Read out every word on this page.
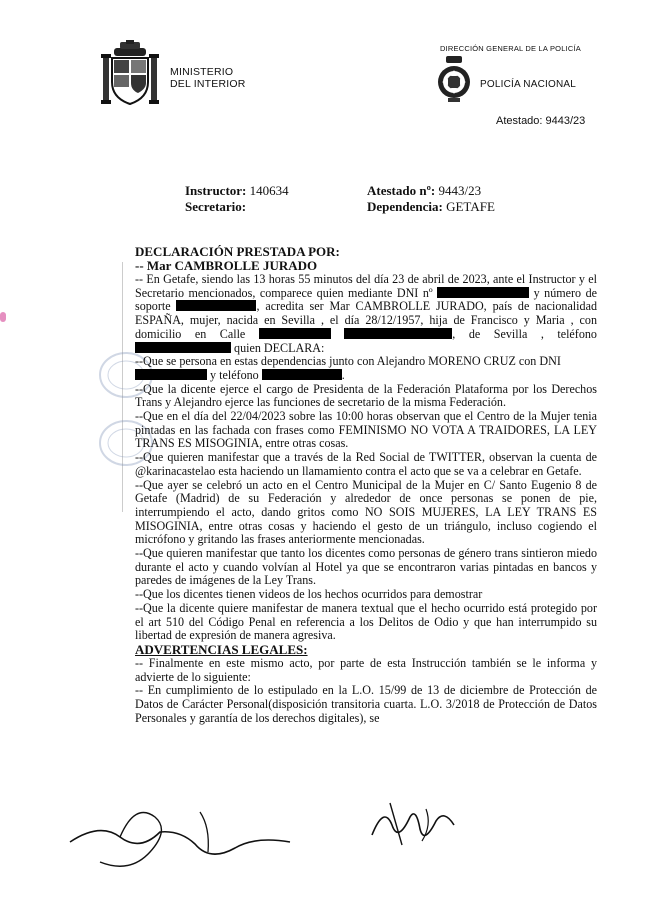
MINISTERIO
DEL INTERIOR
DIRECCIÓN GENERAL DE LA POLICÍA
POLICÍA NACIONAL
Atestado: 9443/23
Instructor: 140634
Secretario:
Atestado nº: 9443/23
Dependencia: GETAFE
DECLARACIÓN PRESTADA POR:
-- Mar CAMBROLLE JURADO

-- En Getafe, siendo las 13 horas 55 minutos del día 23 de abril de 2023, ante el Instructor y el Secretario mencionados, comparece quien mediante DNI nº	y número de soporte	, acredita ser Mar CAMBROLLE JURADO, país de nacionalidad ESPAÑA, mujer, nacida en Sevilla , el día 28/12/1957, hija de Francisco y Maria , con domicilio en Calle	, de Sevilla , teléfono  quien DECLARA:

--Que se persona en estas dependencias junto con Alejandro MORENO CRUZ con DNI  y teléfono	.

--Que la dicente ejerce el cargo de Presidenta de la Federación Plataforma por los Derechos Trans y Alejandro ejerce las funciones de secretario de la misma Federación.

--Que en el día del 22/04/2023 sobre las 10:00 horas observan que el Centro de la Mujer tenia pintadas en las fachada con frases como FEMINISMO NO VOTA A TRAIDORES, LA LEY TRANS ES MISOGINIA, entre otras cosas.

--Que quieren manifestar que a través de la Red Social de TWITTER, observan la cuenta de @karinacastelao esta haciendo un llamamiento contra el acto que se va a celebrar en Getafe.

--Que ayer se celebró un acto en el Centro Municipal de la Mujer en C/ Santo Eugenio 8 de Getafe (Madrid) de su Federación y alrededor de once personas se ponen de pie, interrumpiendo el acto, dando gritos como NO SOIS MUJERES, LA LEY TRANS ES MISOGINIA, entre otras cosas y haciendo el gesto de un triángulo, incluso cogiendo el micrófono y gritando las frases anteriormente mencionadas.

--Que quieren manifestar que tanto los dicentes como personas de género trans sintieron miedo durante el acto y cuando volvían al Hotel ya que se encontraron varias pintadas en bancos y paredes de imágenes de la Ley Trans.

--Que los dicentes tienen videos de los hechos ocurridos para demostrar

--Que la dicente quiere manifestar de manera textual que el hecho ocurrido está protegido por el art 510 del Código Penal en referencia a los Delitos de Odio y que han interrumpido su libertad de expresión de manera agresiva.

ADVERTENCIAS LEGALES:

-- Finalmente en este mismo acto, por parte de esta Instrucción también se le informa y advierte de lo siguiente:

-- En cumplimiento de lo estipulado en la L.O. 15/99 de 13 de diciembre de Protección de Datos de Carácter Personal(disposición transitoria cuarta. L.O. 3/2018 de Protección de Datos Personales y garantía de los derechos digitales), se
